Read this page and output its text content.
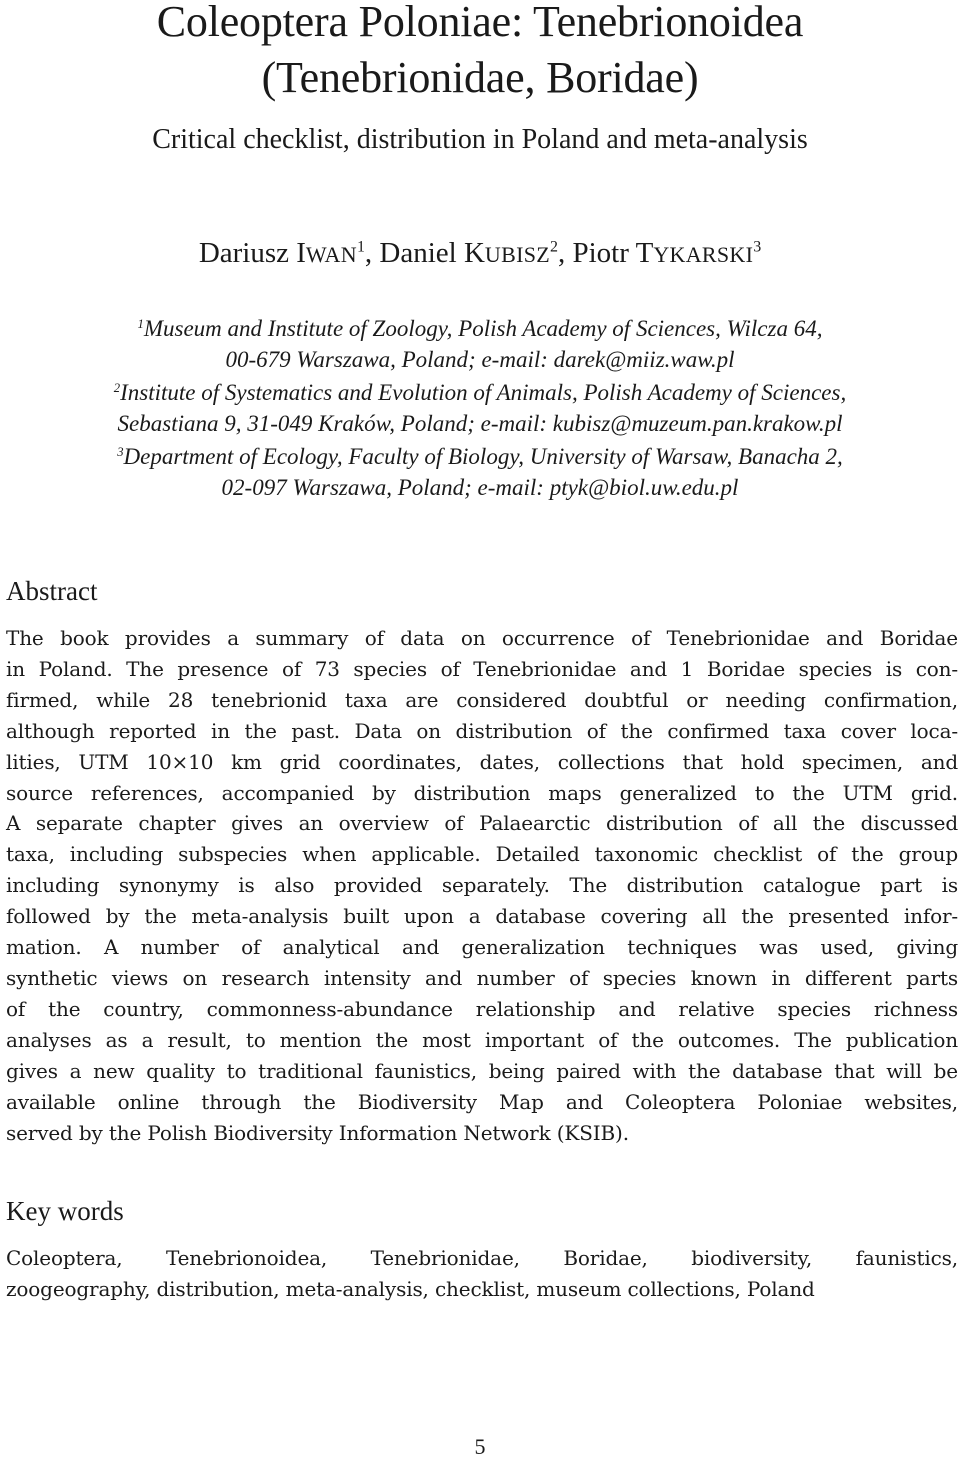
Coleoptera Poloniae: Tenebrionoidea
(Tenebrionidae, Boridae)
Critical checklist, distribution in Poland and meta-analysis
Dariusz IWAN$^1$, Daniel KUBISZ$^2$, Piotr TYKARSKI$^3$
$^1$Museum and Institute of Zoology, Polish Academy of Sciences, Wilcza 64,
00-679 Warszawa, Poland; e-mail: darek@miiz.waw.pl
$^2$Institute of Systematics and Evolution of Animals, Polish Academy of Sciences,
Sebastiana 9, 31-049 Kraków, Poland; e-mail: kubisz@muzeum.pan.krakow.pl
$^3$Department of Ecology, Faculty of Biology, University of Warsaw, Banacha 2,
02-097 Warszawa, Poland; e-mail: ptyk@biol.uw.edu.pl
Abstract
The book provides a summary of data on occurrence of Tenebrionidae and Boridae
in Poland. The presence of 73 species of Tenebrionidae and 1 Boridae species is con-
firmed, while 28 tenebrionid taxa are considered doubtful or needing confirmation,
although reported in the past. Data on distribution of the confirmed taxa cover loca-
lities, UTM 10×10 km grid coordinates, dates, collections that hold specimen, and
source references, accompanied by distribution maps generalized to the UTM grid.
A separate chapter gives an overview of Palaearctic distribution of all the discussed
taxa, including subspecies when applicable. Detailed taxonomic checklist of the group
including synonymy is also provided separately. The distribution catalogue part is
followed by the meta-analysis built upon a database covering all the presented infor-
mation. A number of analytical and generalization techniques was used, giving
synthetic views on research intensity and number of species known in different parts
of the country, commonness-abundance relationship and relative species richness
analyses as a result, to mention the most important of the outcomes. The publication
gives a new quality to traditional faunistics, being paired with the database that will be
available online through the Biodiversity Map and Coleoptera Poloniae websites,
served by the Polish Biodiversity Information Network (KSIB).
Key words
Coleoptera, Tenebrionoidea, Tenebrionidae, Boridae, biodiversity, faunistics,
zoogeography, distribution, meta-analysis, checklist, museum collections, Poland
5
